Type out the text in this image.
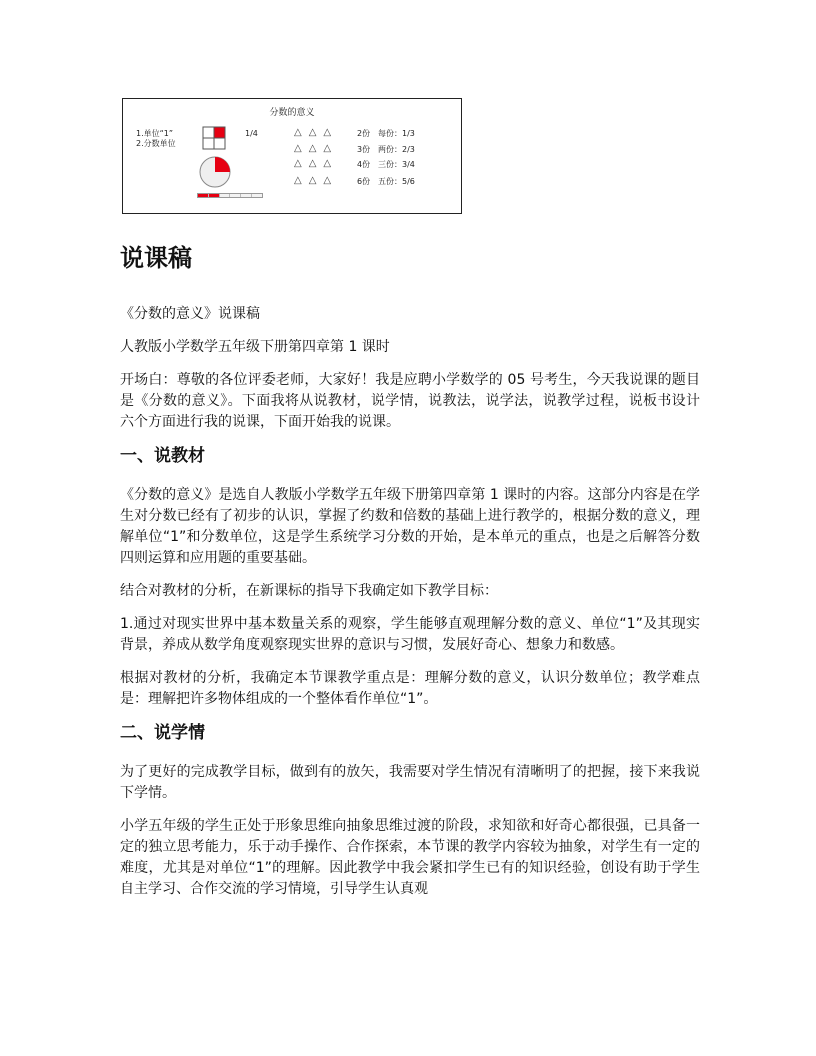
分数的意义
1.单位“1”
2.分数单位
1/4	△△△ 2份 每份：1/3
△△△ 3份 两份：2/3
△△△ 4份 三份：3/4
△△△ 6份 五份：5/6
说课稿

《分数的意义》说课稿

人教版小学数学五年级下册第四章第 1 课时

开场白：尊敬的各位评委老师，大家好！我是应聘小学数学的 05 号考生，今天我说课的题目是《分数的意义》。下面我将从说教材，说学情，说教法，说学法，说教学过程，说板书设计六个方面进行我的说课，下面开始我的说课。

一、说教材

《分数的意义》是选自人教版小学数学五年级下册第四章第 1 课时的内容。这部分内容是在学生对分数已经有了初步的认识，掌握了约数和倍数的基础上进行教学的，根据分数的意义，理解单位“1”和分数单位，这是学生系统学习分数的开始，是本单元的重点，也是之后解答分数四则运算和应用题的重要基础。

结合对教材的分析，在新课标的指导下我确定如下教学目标：

1.通过对现实世界中基本数量关系的观察，学生能够直观理解分数的意义、单位“1”及其现实背景，养成从数学角度观察现实世界的意识与习惯，发展好奇心、想象力和数感。

根据对教材的分析，我确定本节课教学重点是：理解分数的意义，认识分数单位；教学难点是：理解把许多物体组成的一个整体看作单位“1”。

二、说学情

为了更好的完成教学目标，做到有的放矢，我需要对学生情况有清晰明了的把握，接下来我说下学情。

小学五年级的学生正处于形象思维向抽象思维过渡的阶段，求知欲和好奇心都很强，已具备一定的独立思考能力，乐于动手操作、合作探索，本节课的教学内容较为抽象，对学生有一定的难度，尤其是对单位“1”的理解。因此教学中我会紧扣学生已有的知识经验，创设有助于学生自主学习、合作交流的学习情境，引导学生认真观
